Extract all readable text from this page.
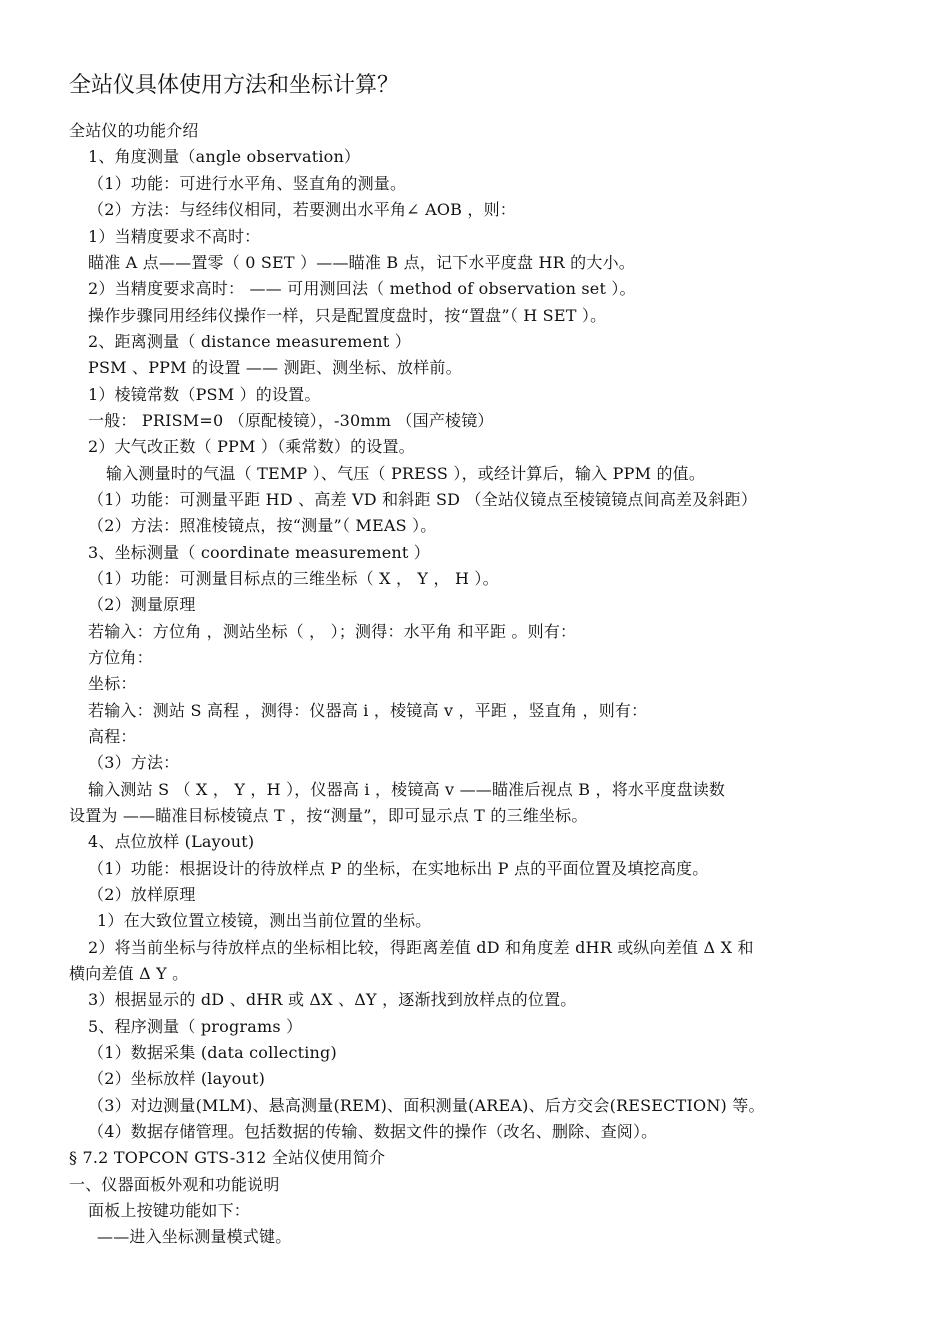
全站仪具体使用方法和坐标计算？
全站仪的功能介绍
1、角度测量（angle observation）
（1）功能：可进行水平角、竖直角的测量。
（2）方法：与经纬仪相同，若要测出水平角∠ AOB ，则：
1）当精度要求不高时：
瞄准 A 点——置零（ 0 SET ）——瞄准 B 点，记下水平度盘 HR 的大小。
2）当精度要求高时： —— 可用测回法（ method of observation set ）。
操作步骤同用经纬仪操作一样，只是配置度盘时，按“置盘”（ H SET ）。
2、距离测量（ distance measurement ）
PSM 、PPM 的设置 —— 测距、测坐标、放样前。
1）棱镜常数（PSM ）的设置。
一般： PRISM=0 （原配棱镜），-30mm （国产棱镜）
2）大气改正数（ PPM ）（乘常数）的设置。
输入测量时的气温（ TEMP ）、气压（ PRESS ），或经计算后，输入 PPM 的值。
（1）功能：可测量平距 HD 、高差 VD 和斜距 SD （全站仪镜点至棱镜镜点间高差及斜距）
（2）方法：照准棱镜点，按“测量”（ MEAS ）。
3、坐标测量（ coordinate measurement ）
（1）功能：可测量目标点的三维坐标（ X ， Y ， H ）。
（2）测量原理
若输入：方位角 ，测站坐标（ ， ）；测得：水平角 和平距 。则有：
方位角：
坐标：
若输入：测站 S 高程 ，测得：仪器高 i ，棱镜高 v ，平距 ，竖直角 ，则有：
高程：
（3）方法：
输入测站 S （ X ， Y ，H ），仪器高 i ，棱镜高 v ——瞄准后视点 B ，将水平度盘读数
设置为 ——瞄准目标棱镜点 T ，按“测量”，即可显示点 T 的三维坐标。
4、点位放样 (Layout)
（1）功能：根据设计的待放样点 P 的坐标，在实地标出 P 点的平面位置及填挖高度。
（2）放样原理
1）在大致位置立棱镜，测出当前位置的坐标。
2）将当前坐标与待放样点的坐标相比较，得距离差值 dD 和角度差 dHR 或纵向差值 Δ X 和
横向差值 Δ Y 。
3）根据显示的 dD 、dHR 或 ΔX 、ΔY ，逐渐找到放样点的位置。
5、程序测量（ programs ）
（1）数据采集 (data collecting)
（2）坐标放样 (layout)
（3）对边测量(MLM)、悬高测量(REM)、面积测量(AREA)、后方交会(RESECTION) 等。
（4）数据存储管理。包括数据的传输、数据文件的操作（改名、删除、查阅）。
§ 7.2 TOPCON GTS-312 全站仪使用简介
一、仪器面板外观和功能说明
面板上按键功能如下：
——进入坐标测量模式键。
